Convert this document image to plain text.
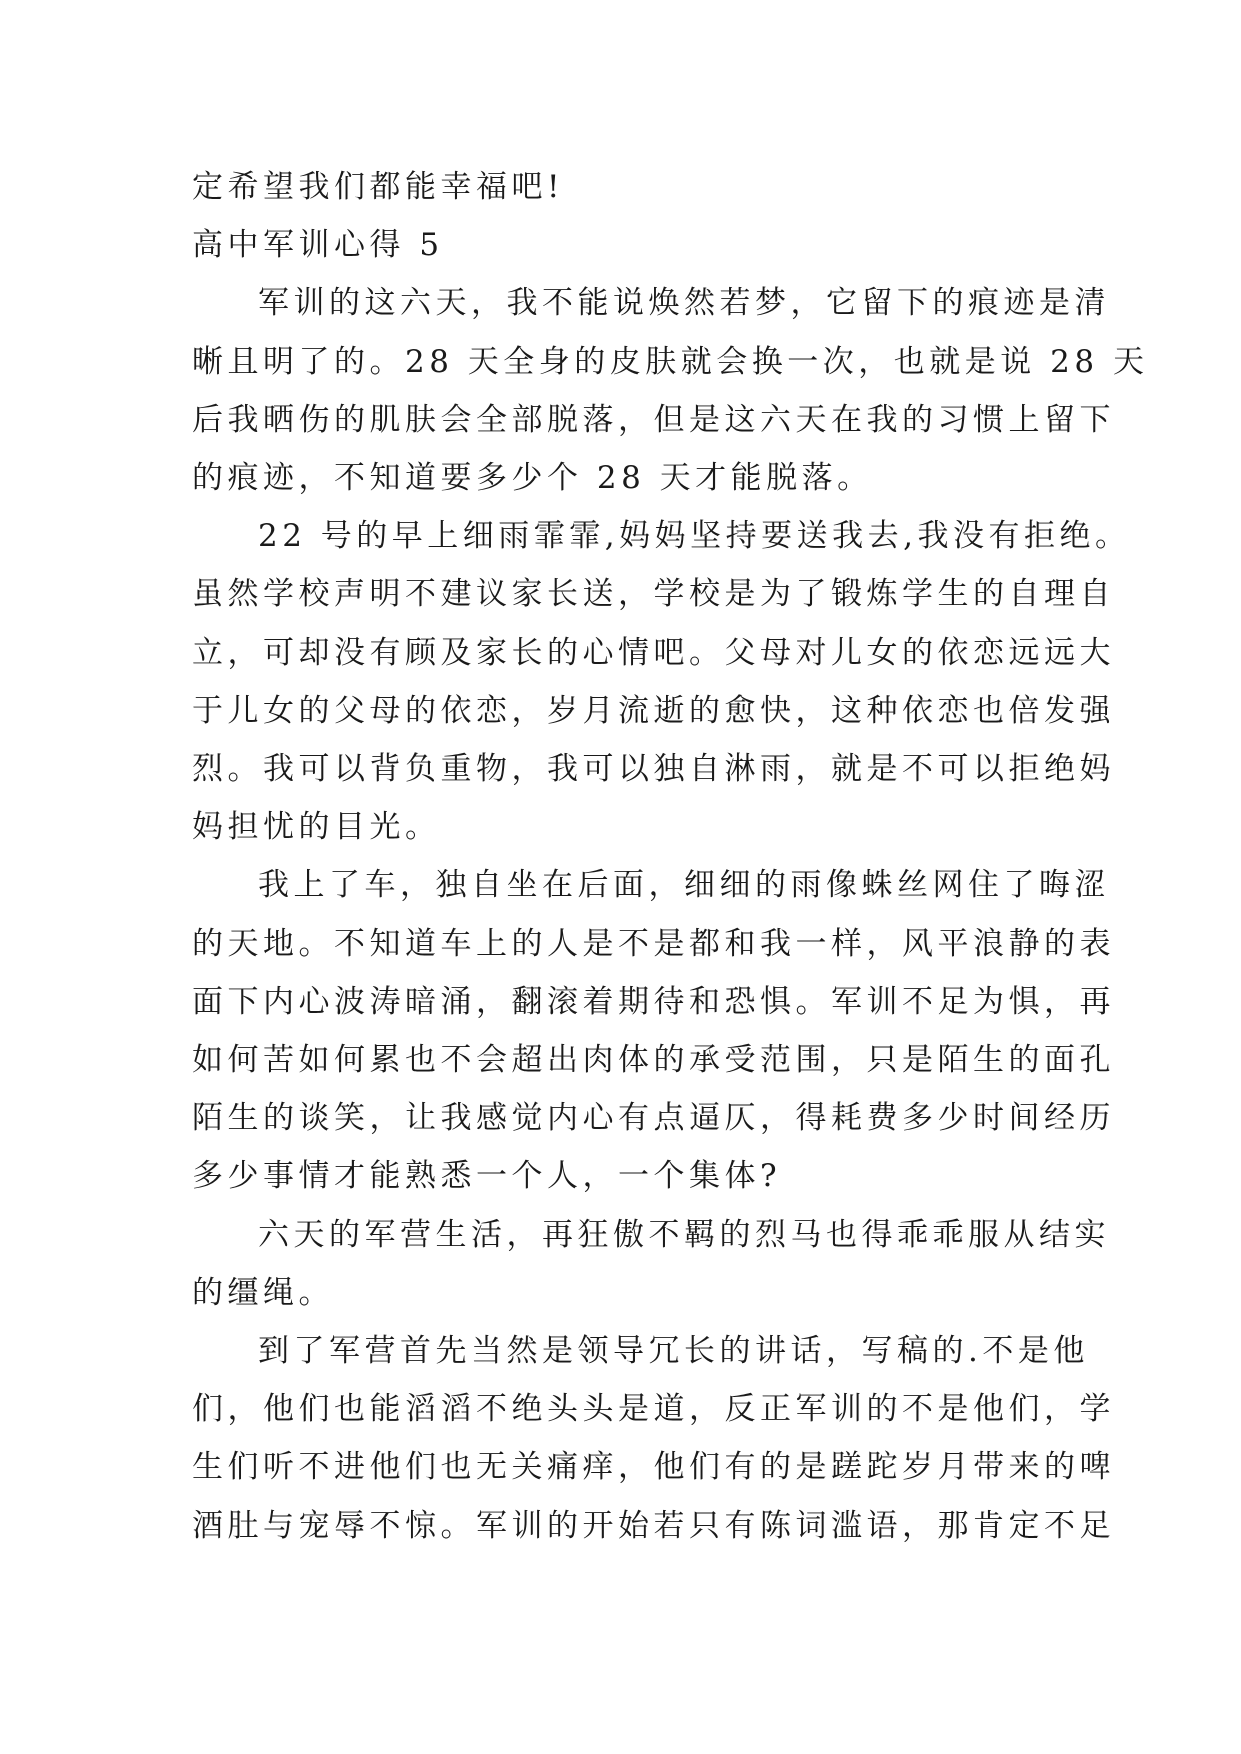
定希望我们都能幸福吧!

高中军训心得 5

军训的这六天，我不能说焕然若梦，它留下的痕迹是清

晰且明了的。28 天全身的皮肤就会换一次，也就是说 28 天

后我晒伤的肌肤会全部脱落，但是这六天在我的习惯上留下

的痕迹，不知道要多少个 28 天才能脱落。

22 号的早上细雨霏霏,妈妈坚持要送我去,我没有拒绝。

虽然学校声明不建议家长送，学校是为了锻炼学生的自理自

立，可却没有顾及家长的心情吧。父母对儿女的依恋远远大

于儿女的父母的依恋，岁月流逝的愈快，这种依恋也倍发强

烈。我可以背负重物，我可以独自淋雨，就是不可以拒绝妈

妈担忧的目光。

我上了车，独自坐在后面，细细的雨像蛛丝网住了晦涩

的天地。不知道车上的人是不是都和我一样，风平浪静的表

面下内心波涛暗涌，翻滚着期待和恐惧。军训不足为惧，再

如何苦如何累也不会超出肉体的承受范围，只是陌生的面孔

陌生的谈笑，让我感觉内心有点逼仄，得耗费多少时间经历

多少事情才能熟悉一个人，一个集体?

六天的军营生活，再狂傲不羁的烈马也得乖乖服从结实

的缰绳。

到了军营首先当然是领导冗长的讲话，写稿的.不是他

们，他们也能滔滔不绝头头是道，反正军训的不是他们，学

生们听不进他们也无关痛痒，他们有的是蹉跎岁月带来的啤

酒肚与宠辱不惊。军训的开始若只有陈词滥语，那肯定不足
